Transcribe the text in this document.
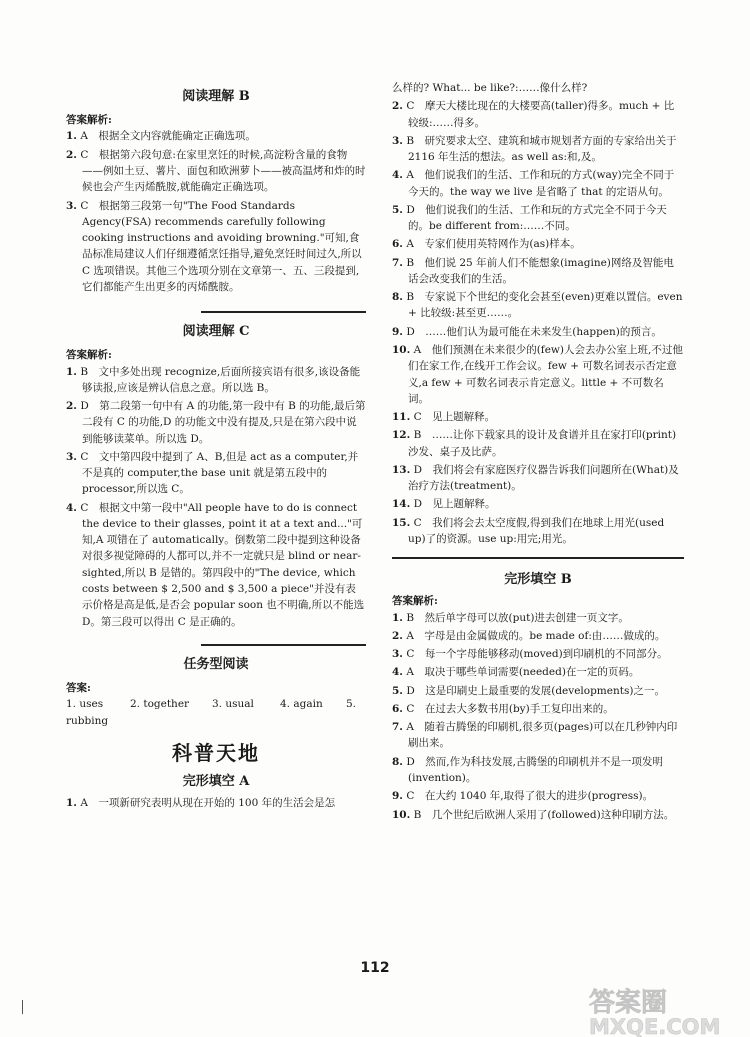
阅读理解 B

答案解析:

1. A　根据全文内容就能确定正确选项。

2. C　根据第六段句意:在家里烹饪的时候,高淀粉含量的食物——例如土豆、薯片、面包和欧洲萝卜——被高温烤和炸的时候也会产生丙烯酰胺,就能确定正确选项。

3. C　根据第三段第一句"The Food Standards Agency(FSA) recommends carefully following cooking instructions and avoiding browning."可知,食品标准局建议人们仔细遵循烹饪指导,避免烹饪时间过久,所以 C 选项错误。其他三个选项分别在文章第一、五、三段提到,它们都能产生出更多的丙烯酰胺。

阅读理解 C

答案解析:

1. B　文中多处出现 recognize,后面所接宾语有很多,该设备能够读报,应该是辨认信息之意。所以选 B。

2. D　第二段第一句中有 A 的功能,第一段中有 B 的功能,最后第二段有 C 的功能,D 的功能文中没有提及,只是在第六段中说到能够读菜单。所以选 D。

3. C　文中第四段中提到了 A、B,但是 act as a computer,并不是真的 computer,the base unit 就是第五段中的 processor,所以选 C。

4. C　根据文中第一段中"All people have to do is connect the device to their glasses, point it at a text and..."可知,A 项错在了 automatically。倒数第二段中提到这种设备对很多视觉障碍的人都可以,并不一定就只是 blind or near-sighted,所以 B 是错的。第四段中的"The device, which costs between $ 2,500 and $ 3,500 a piece"并没有表示价格是高是低,是否会 popular soon 也不明确,所以不能选 D。第三段可以得出 C 是正确的。

任务型阅读

答案:

1. uses	2. together 3. usual 4. again 5.

rubbing

科普天地

完形填空 A

1. A　一项新研究表明从现在开始的 100 年的生活会是怎

么样的? What... be like?:……像什么样?

2. C　摩天大楼比现在的大楼要高(taller)得多。much + 比较级:……得多。

3. B　研究要求太空、建筑和城市规划者方面的专家给出关于 2116 年生活的想法。as well as:和,及。

4. A　他们说我们的生活、工作和玩的方式(way)完全不同于今天的。the way we live 是省略了 that 的定语从句。

5. D　他们说我们的生活、工作和玩的方式完全不同于今天的。be different from:……不同。

6. A　专家们使用英特网作为(as)样本。

7. B　他们说 25 年前人们不能想象(imagine)网络及智能电话会改变我们的生活。

8. B　专家说下个世纪的变化会甚至(even)更难以置信。even + 比较级:甚至更……。

9. D　……他们认为最可能在未来发生(happen)的预言。

10. A　他们预测在未来很少的(few)人会去办公室上班,不过他们在家工作,在线开工作会议。few + 可数名词表示否定意义,a few + 可数名词表示肯定意义。little + 不可数名词。

11. C　见上题解释。

12. B　……让你下载家具的设计及食谱并且在家打印(print)沙发、桌子及比萨。

13. D　我们将会有家庭医疗仪器告诉我们问题所在(What)及治疗方法(treatment)。

14. D　见上题解释。

15. C　我们将会去太空度假,得到我们在地球上用光(used up)了的资源。use up:用完;用光。

完形填空 B

答案解析:

1. B　然后单字母可以放(put)进去创建一页文字。

2. A　字母是由金属做成的。be made of:由……做成的。

3. C　每一个字母能够移动(moved)到印刷机的不同部分。

4. A　取决于哪些单词需要(needed)在一定的页码。

5. D　这是印刷史上最重要的发展(developments)之一。

6. C　在过去大多数书用(by)手工复印出来的。

7. A　随着古腾堡的印刷机,很多页(pages)可以在几秒钟内印刷出来。

8. D　然而,作为科技发展,古腾堡的印刷机并不是一项发明(invention)。

9. C　在大约 1040 年,取得了很大的进步(progress)。

10. B　几个世纪后欧洲人采用了(followed)这种印刷方法。

112
答案圈
MXQE.COM
